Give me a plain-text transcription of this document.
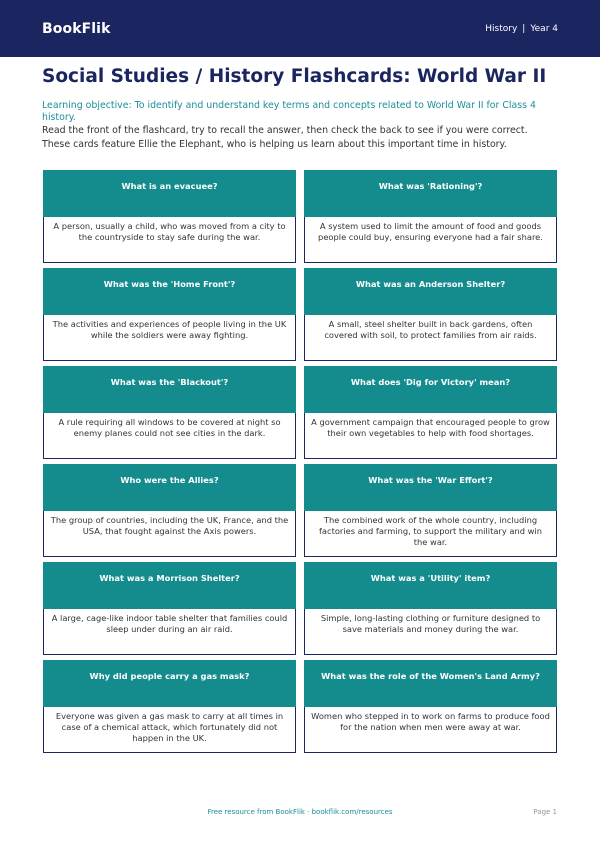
BookFlik	History | Year 4
Social Studies / History Flashcards: World War II

Learning objective: To identify and understand key terms and concepts related to World War II for Class 4 history.

Read the front of the flashcard, try to recall the answer, then check the back to see if you were correct. These cards feature Ellie the Elephant, who is helping us learn about this important time in history.

What is an evacuee?
A person, usually a child, who was moved from a city to the countryside to stay safe during the war.
What was 'Rationing'?
A system used to limit the amount of food and goods people could buy, ensuring everyone had a fair share.
What was the 'Home Front'?
The activities and experiences of people living in the UK while the soldiers were away fighting.
What was an Anderson Shelter?
A small, steel shelter built in back gardens, often covered with soil, to protect families from air raids.
What was the 'Blackout'?
A rule requiring all windows to be covered at night so enemy planes could not see cities in the dark.
What does 'Dig for Victory' mean?
A government campaign that encouraged people to grow their own vegetables to help with food shortages.
Who were the Allies?
The group of countries, including the UK, France, and the USA, that fought against the Axis powers.
What was the 'War Effort'?
The combined work of the whole country, including factories and farming, to support the military and win the war.
What was a Morrison Shelter?
A large, cage-like indoor table shelter that families could sleep under during an air raid.
What was a 'Utility' item?
Simple, long-lasting clothing or furniture designed to save materials and money during the war.
Why did people carry a gas mask?
Everyone was given a gas mask to carry at all times in case of a chemical attack, which fortunately did not happen in the UK.
What was the role of the Women's Land Army?
Women who stepped in to work on farms to produce food for the nation when men were away at war.
Free resource from BookFlik · bookflik.com/resources	Page 1
